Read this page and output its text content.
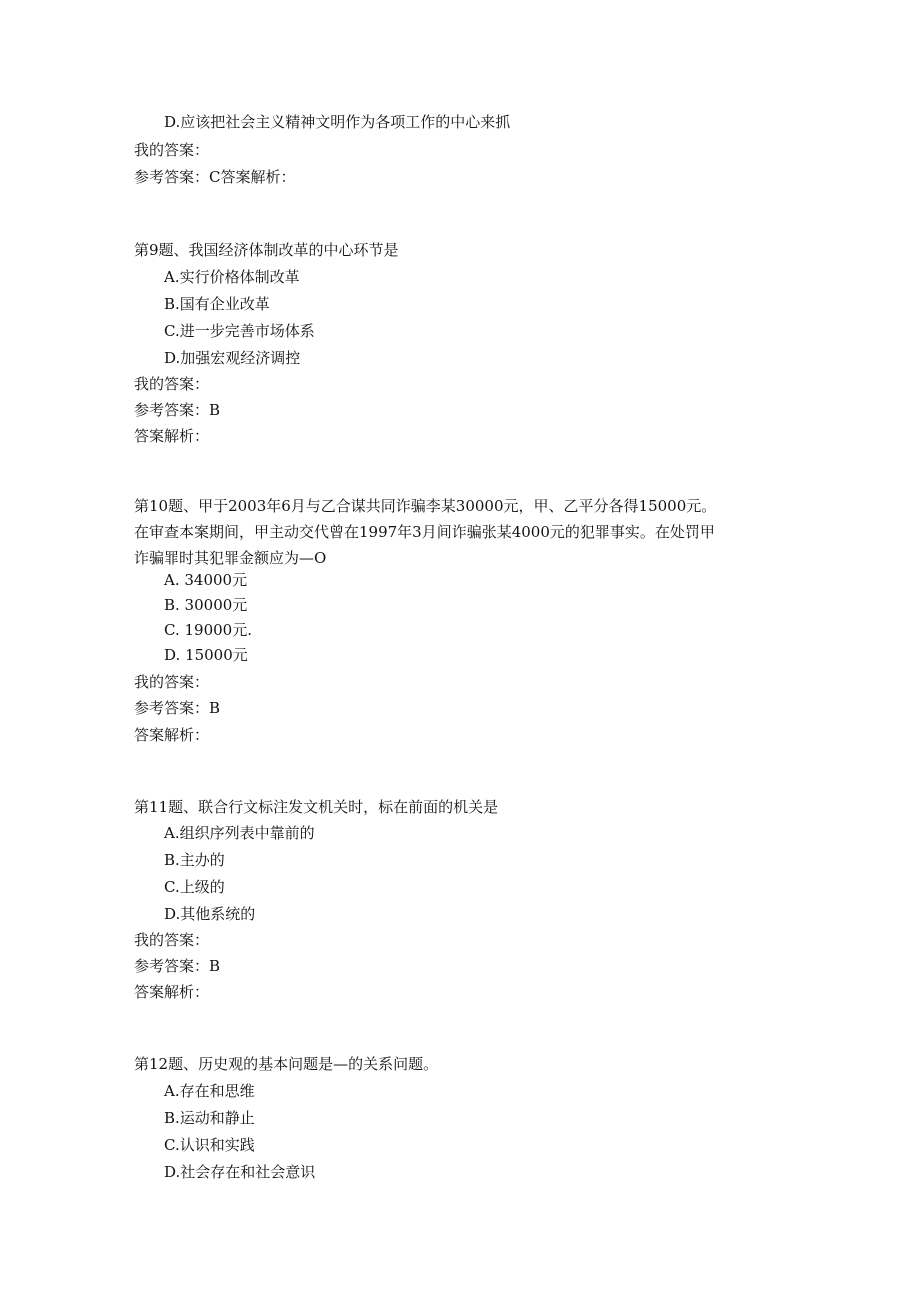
D.应该把社会主义精神文明作为各项工作的中心来抓
我的答案：
参考答案：C答案解析：
第9题、我国经济体制改革的中心环节是
A.实行价格体制改革
B.国有企业改革
C.进一步完善市场体系
D.加强宏观经济调控
我的答案：
参考答案：B
答案解析：
第10题、甲于2003年6月与乙合谋共同诈骗李某30000元，甲、乙平分各得15000元。
在审查本案期间，甲主动交代曾在1997年3月间诈骗张某4000元的犯罪事实。在处罚甲
诈骗罪时其犯罪金额应为—O
A. 34000元
B. 30000元
C. 19000元.
D. 15000元
我的答案：
参考答案：B
答案解析：
第11题、联合行文标注发文机关时，标在前面的机关是
A.组织序列表中靠前的
B.主办的
C.上级的
D.其他系统的
我的答案：
参考答案：B
答案解析：
第12题、历史观的基本问题是—的关系问题。
A.存在和思维
B.运动和静止
C.认识和实践
D.社会存在和社会意识
